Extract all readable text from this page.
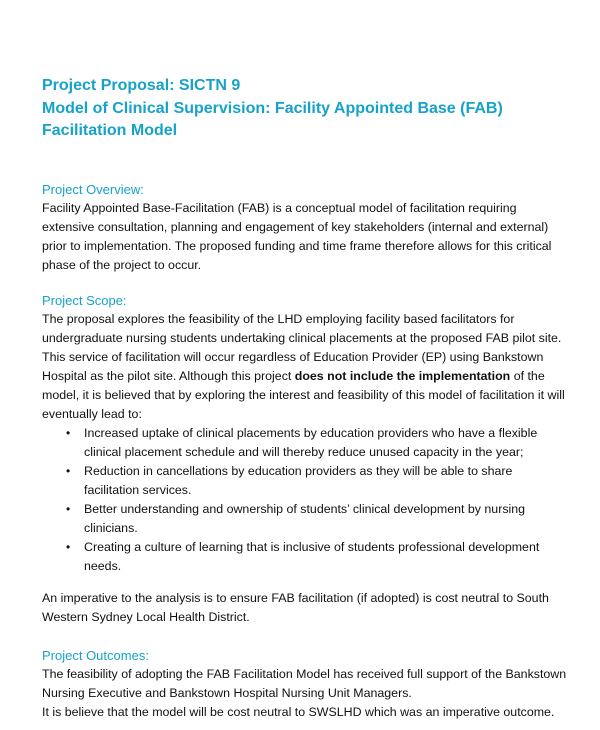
Project Proposal: SICTN 9

Model of Clinical Supervision: Facility Appointed Base (FAB) Facilitation Model

Project Overview:

Facility Appointed Base-Facilitation (FAB) is a conceptual model of facilitation requiring extensive consultation, planning and engagement of key stakeholders (internal and external) prior to implementation. The proposed funding and time frame therefore allows for this critical phase of the project to occur.

Project Scope:

The proposal explores the feasibility of the LHD employing facility based facilitators for undergraduate nursing students undertaking clinical placements at the proposed FAB pilot site. This service of facilitation will occur regardless of Education Provider (EP) using Bankstown Hospital as the pilot site. Although this project does not include the implementation of the model, it is believed that by exploring the interest and feasibility of this model of facilitation it will eventually lead to:

• Increased uptake of clinical placements by education providers who have a flexible clinical placement schedule and will thereby reduce unused capacity in the year;
• Reduction in cancellations by education providers as they will be able to share facilitation services.
• Better understanding and ownership of students’ clinical development by nursing clinicians.
• Creating a culture of learning that is inclusive of students professional development needs.

An imperative to the analysis is to ensure FAB facilitation (if adopted) is cost neutral to South Western Sydney Local Health District.

Project Outcomes:

The feasibility of adopting the FAB Facilitation Model has received full support of the Bankstown Nursing Executive and Bankstown Hospital Nursing Unit Managers.

It is believe that the model will be cost neutral to SWSLHD which was an imperative outcome.
